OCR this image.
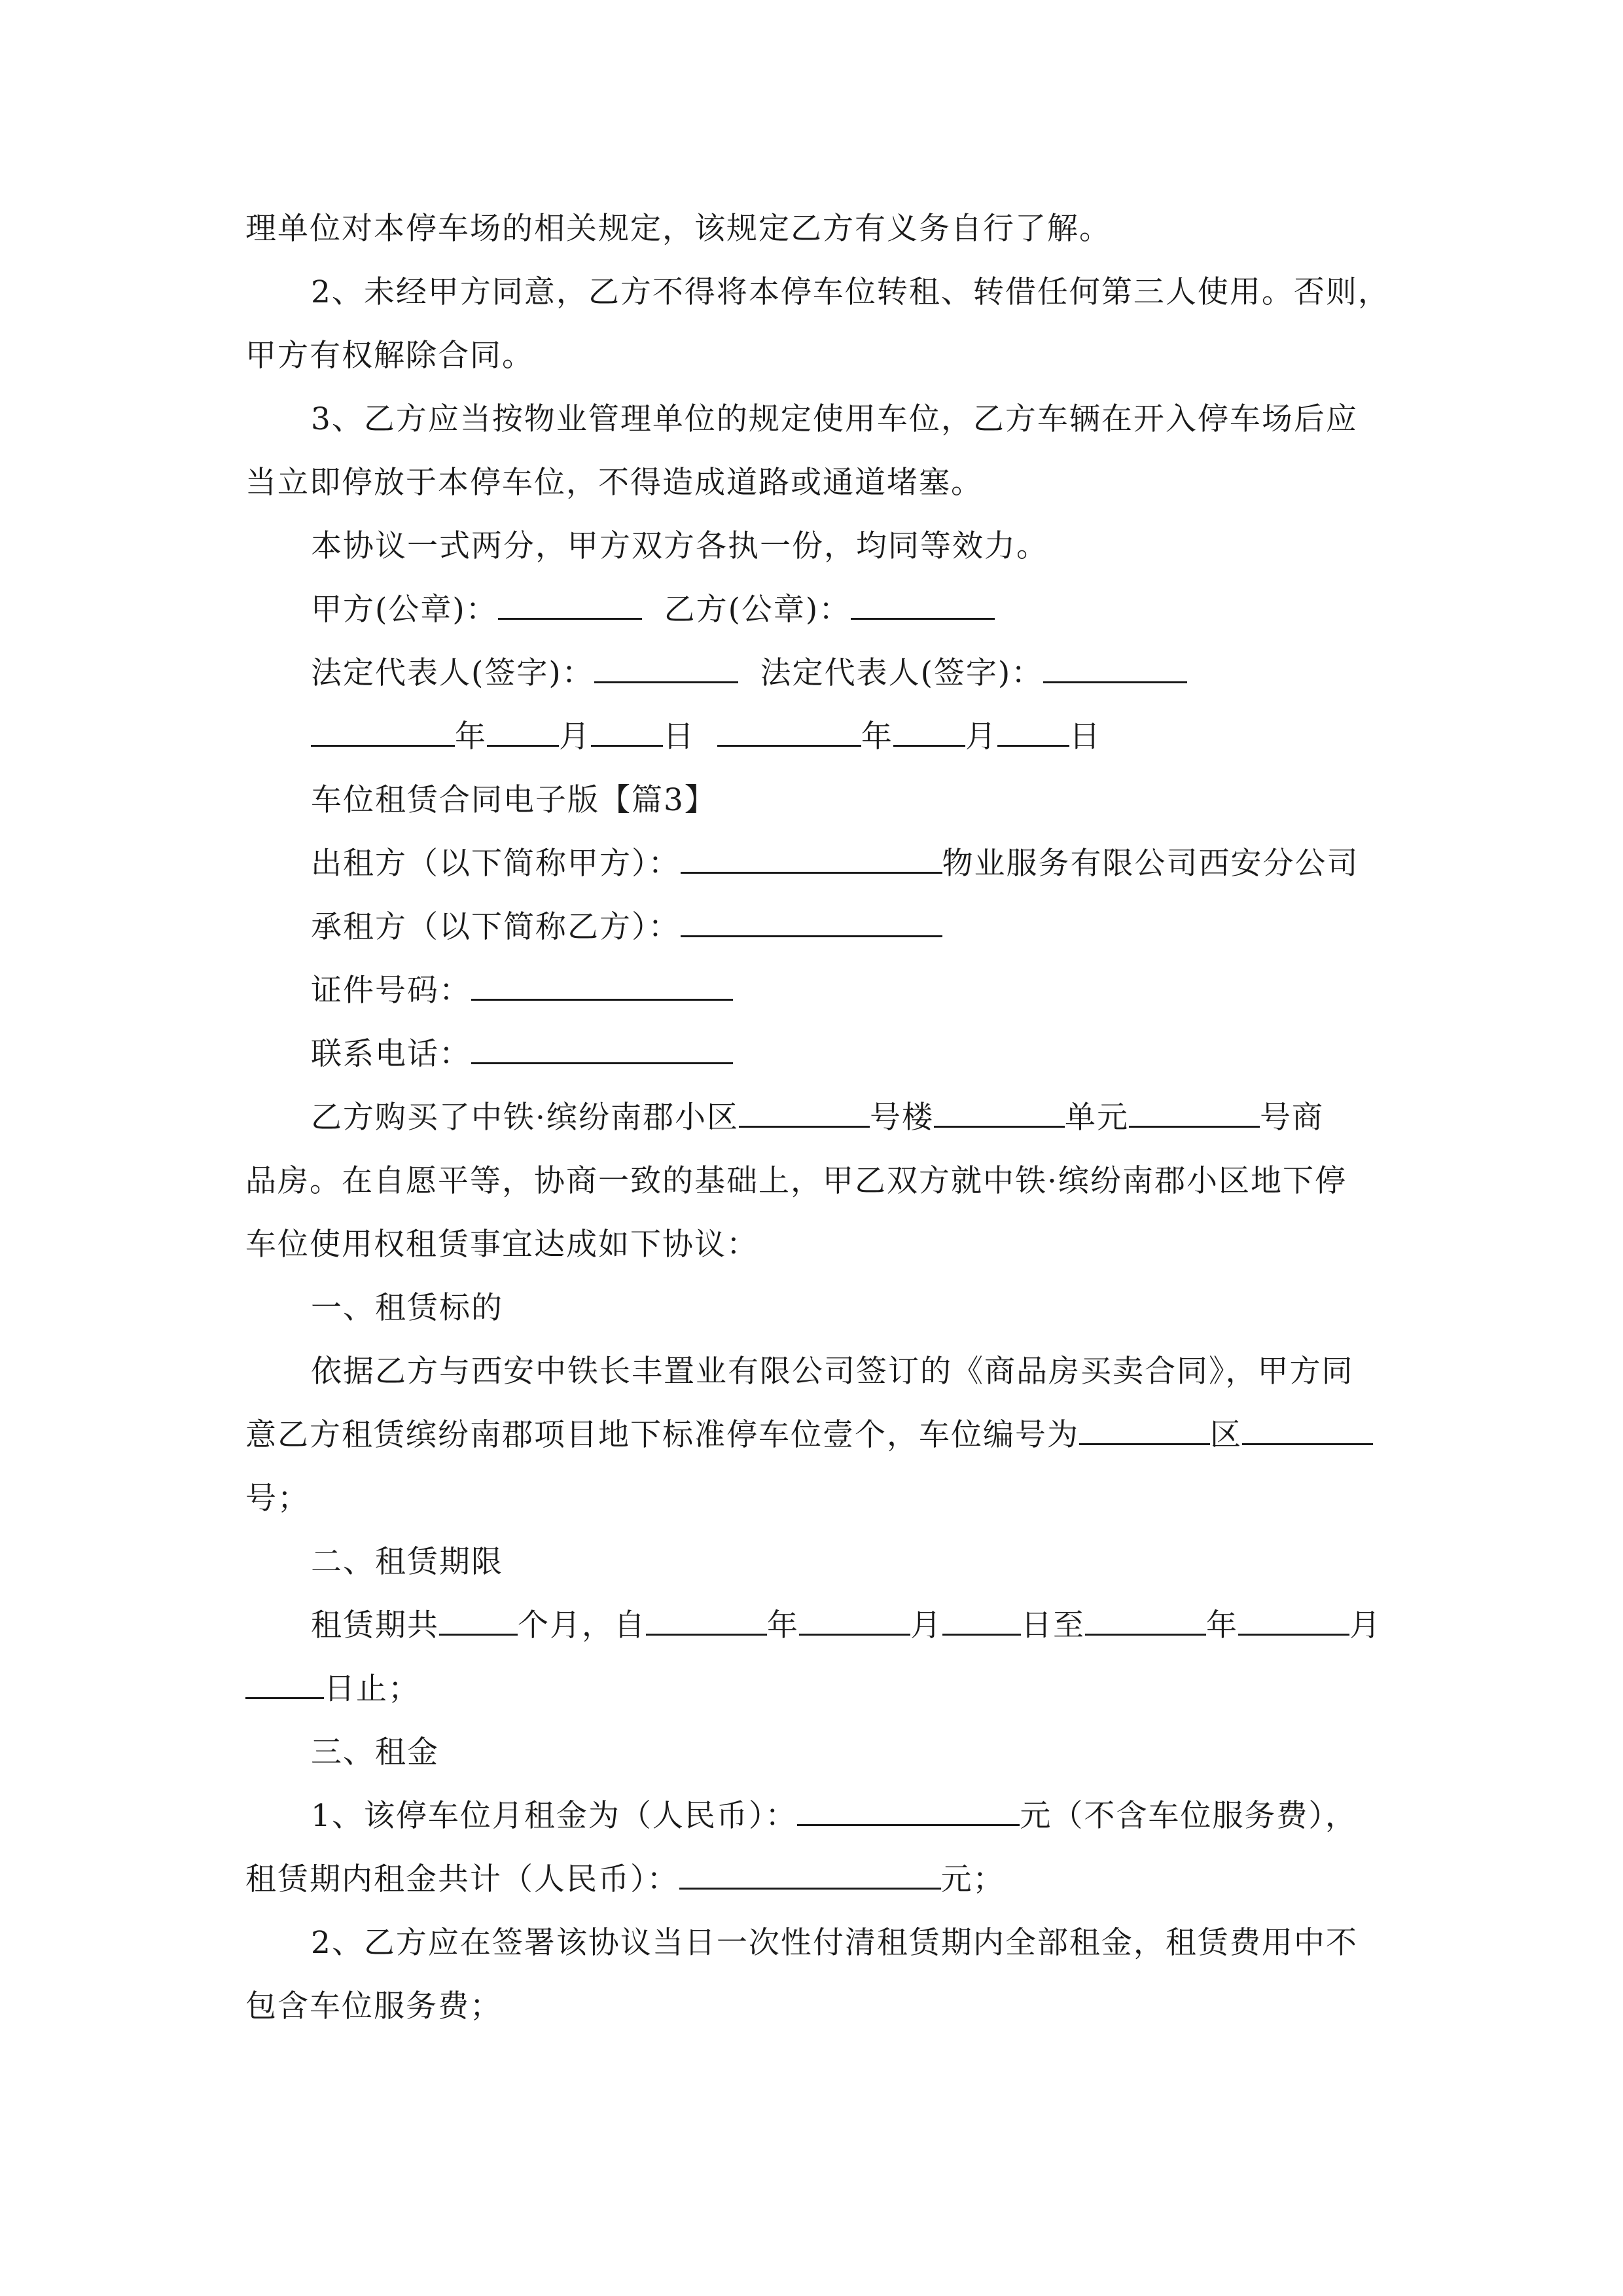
理单位对本停车场的相关规定，该规定乙方有义务自行了解。
2、未经甲方同意，乙方不得将本停车位转租、转借任何第三人使用。否则，
甲方有权解除合同。
3、乙方应当按物业管理单位的规定使用车位，乙方车辆在开入停车场后应
当立即停放于本停车位，不得造成道路或通道堵塞。
本协议一式两分，甲方双方各执一份，均同等效力。
甲方(公章)：	乙方(公章)：
法定代表人(签字)：	法定代表人(签字)：
年 月 日	年 月 日
车位租赁合同电子版【篇3】
出租方（以下简称甲方）：	物业服务有限公司西安分公司
承租方（以下简称乙方）：
证件号码：
联系电话：
乙方购买了中铁·缤纷南郡小区	号楼	单元	号商
品房。在自愿平等，协商一致的基础上，甲乙双方就中铁·缤纷南郡小区地下停
车位使用权租赁事宜达成如下协议：
一、租赁标的
依据乙方与西安中铁长丰置业有限公司签订的《商品房买卖合同》，甲方同
意乙方租赁缤纷南郡项目地下标准停车位壹个，车位编号为	区
号；
二、租赁期限
租赁期共	个月，自	年	月	日至	年	月
日止；
三、租金
1、该停车位月租金为（人民币）：	元（不含车位服务费），
租赁期内租金共计（人民币）：	元；
2、乙方应在签署该协议当日一次性付清租赁期内全部租金，租赁费用中不
包含车位服务费；
